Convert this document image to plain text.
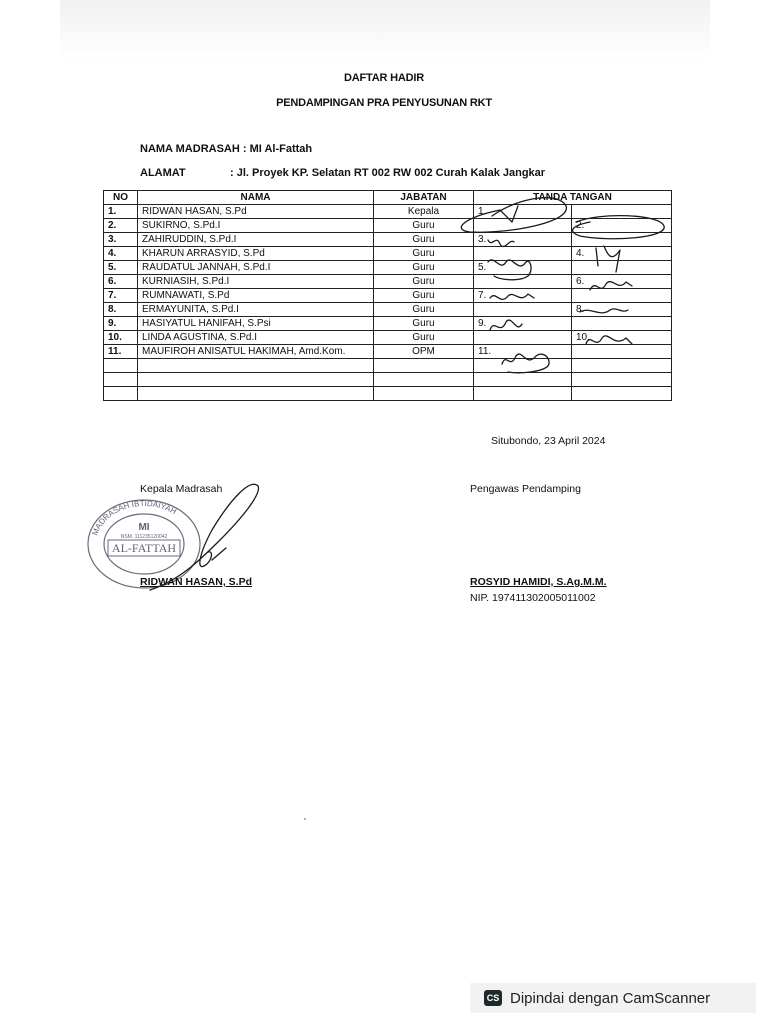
DAFTAR HADIR
PENDAMPINGAN PRA PENYUSUNAN RKT
NAMA MADRASAH : MI Al-Fattah
ALAMAT	: Jl. Proyek KP. Selatan RT 002 RW 002 Curah Kalak Jangkar
NO	NAMA	JABATAN	TANDA TANGAN	
1.	RIDWAN HASAN, S.Pd	Kepala	1.	
2.	SUKIRNO, S.Pd.I	Guru		2.
3.	ZAHIRUDDIN, S.Pd.I	Guru	3.	
4.	KHARUN ARRASYID, S.Pd	Guru		4.
5.	RAUDATUL JANNAH, S.Pd.I	Guru	5.	
6.	KURNIASIH, S.Pd.I	Guru		6.
7.	RUMNAWATI, S.Pd	Guru	7.	
8.	ERMAYUNITA, S.Pd.I	Guru		8.
9.	HASIYATUL HANIFAH, S.Psi	Guru	9.	
10.	LINDA AGUSTINA, S.Pd.I	Guru		10.
11.	MAUFIROH ANISATUL HAKIMAH, Amd.Kom.	OPM	11.	

Situbondo, 23 April 2024
Kepala Madrasah	Pengawas Pendamping
MADRASAH IBTIDAIYAH
MI
NSM. 111235120042
AL-FATTAH
RIDWAN HASAN, S.Pd	ROSYID HAMIDI, S.Ag.M.M.
NIP. 197411302005011002
CS Dipindai dengan CamScanner
